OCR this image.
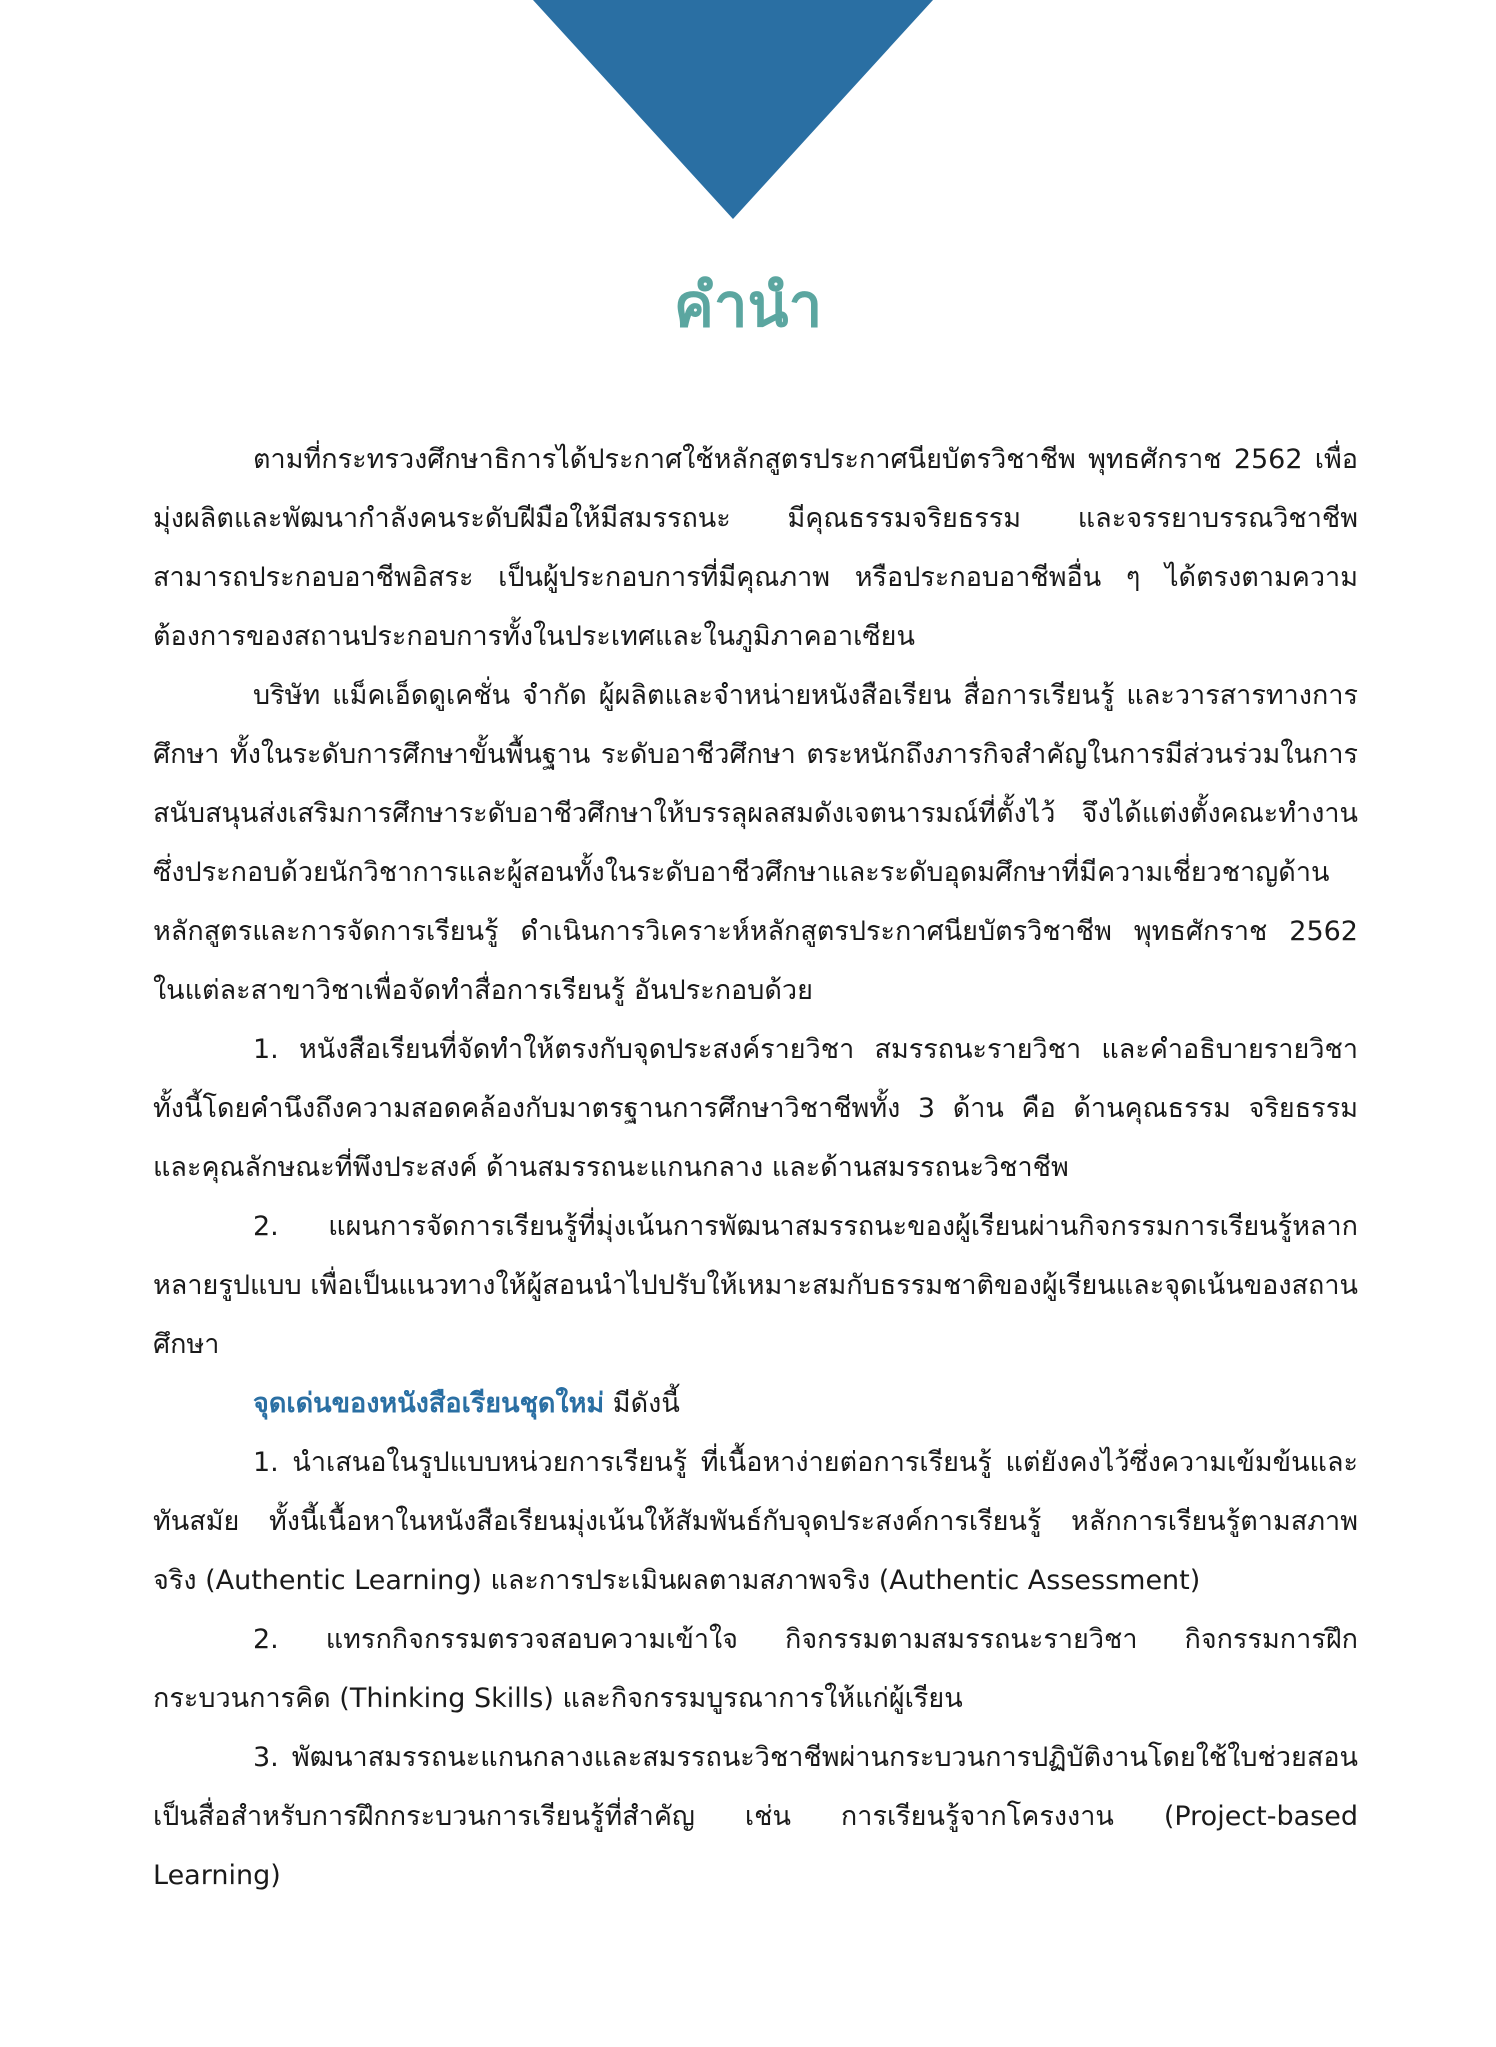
คำนำ

ตามที่กระทรวงศึกษาธิการได้ประกาศใช้หลักสูตรประกาศนียบัตรวิชาชีพ พุทธศักราช 2562 เพื่อมุ่งผลิตและพัฒนากำลังคนระดับฝีมือให้มีสมรรถนะ มีคุณธรรมจริยธรรม และจรรยาบรรณวิชาชีพ สามารถประกอบอาชีพอิสระ เป็นผู้ประกอบการที่มีคุณภาพ หรือประกอบอาชีพอื่น ๆ ได้ตรงตามความต้องการของสถานประกอบการทั้งในประเทศและในภูมิภาคอาเซียน

บริษัท แม็คเอ็ดดูเคชั่น จำกัด ผู้ผลิตและจำหน่ายหนังสือเรียน สื่อการเรียนรู้ และวารสารทางการศึกษา ทั้งในระดับการศึกษาขั้นพื้นฐาน ระดับอาชีวศึกษา ตระหนักถึงภารกิจสำคัญในการมีส่วนร่วมในการสนับสนุนส่งเสริมการศึกษาระดับอาชีวศึกษาให้บรรลุผลสมดังเจตนารมณ์ที่ตั้งไว้ จึงได้แต่งตั้งคณะทำงานซึ่งประกอบด้วยนักวิชาการและผู้สอนทั้งในระดับอาชีวศึกษาและระดับอุดมศึกษาที่มีความเชี่ยวชาญด้านหลักสูตรและการจัดการเรียนรู้ ดำเนินการวิเคราะห์หลักสูตรประกาศนียบัตรวิชาชีพ พุทธศักราช 2562 ในแต่ละสาขาวิชาเพื่อจัดทำสื่อการเรียนรู้ อันประกอบด้วย

1. หนังสือเรียนที่จัดทำให้ตรงกับจุดประสงค์รายวิชา สมรรถนะรายวิชา และคำอธิบายรายวิชา ทั้งนี้โดยคำนึงถึงความสอดคล้องกับมาตรฐานการศึกษาวิชาชีพทั้ง 3 ด้าน คือ ด้านคุณธรรม จริยธรรมและคุณลักษณะที่พึงประสงค์ ด้านสมรรถนะแกนกลาง และด้านสมรรถนะวิชาชีพ

2. แผนการจัดการเรียนรู้ที่มุ่งเน้นการพัฒนาสมรรถนะของผู้เรียนผ่านกิจกรรมการเรียนรู้หลากหลายรูปแบบ เพื่อเป็นแนวทางให้ผู้สอนนำไปปรับให้เหมาะสมกับธรรมชาติของผู้เรียนและจุดเน้นของสถานศึกษา

จุดเด่นของหนังสือเรียนชุดใหม่ มีดังนี้

1. นำเสนอในรูปแบบหน่วยการเรียนรู้ ที่เนื้อหาง่ายต่อการเรียนรู้ แต่ยังคงไว้ซึ่งความเข้มข้นและทันสมัย ทั้งนี้เนื้อหาในหนังสือเรียนมุ่งเน้นให้สัมพันธ์กับจุดประสงค์การเรียนรู้ หลักการเรียนรู้ตามสภาพจริง (Authentic Learning) และการประเมินผลตามสภาพจริง (Authentic Assessment)

2. แทรกกิจกรรมตรวจสอบความเข้าใจ กิจกรรมตามสมรรถนะรายวิชา กิจกรรมการฝึกกระบวนการคิด (Thinking Skills) และกิจกรรมบูรณาการให้แก่ผู้เรียน

3. พัฒนาสมรรถนะแกนกลางและสมรรถนะวิชาชีพผ่านกระบวนการปฏิบัติงานโดยใช้ใบช่วยสอนเป็นสื่อสำหรับการฝึกกระบวนการเรียนรู้ที่สำคัญ เช่น การเรียนรู้จากโครงงาน (Project-based Learning)
